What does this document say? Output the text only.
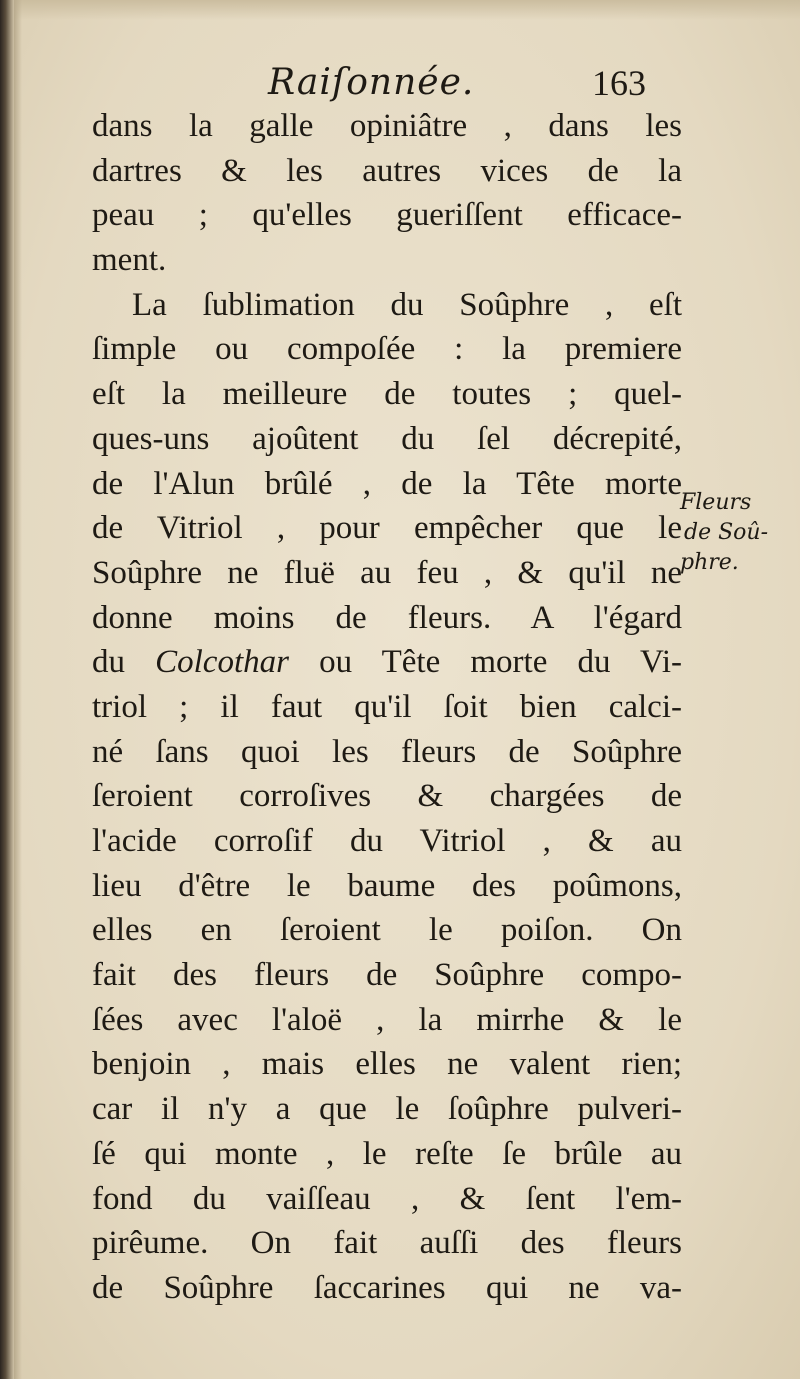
Raiſonnée.	163
dans la galle opiniâtre , dans les
dartres & les autres vices de la
peau ; qu'elles gueriſſent efficace-
ment.
La ſublimation du Soûphre , eſt
ſimple ou compoſée : la premiere
eſt la meilleure de toutes ; quel-
ques-uns ajoûtent du ſel décrepité,
de l'Alun brûlé , de la Tête morte
de Vitriol , pour empêcher que le
Soûphre ne fluë au feu , & qu'il ne
donne moins de fleurs. A l'égard
du Colcothar ou Tête morte du Vi-
triol ; il faut qu'il ſoit bien calci-
né ſans quoi les fleurs de Soûphre
ſeroient corroſives & chargées de
l'acide corroſif du Vitriol , & au
lieu d'être le baume des poûmons,
elles en ſeroient le poiſon. On
fait des fleurs de Soûphre compo-
ſées avec l'aloë , la mirrhe & le
benjoin , mais elles ne valent rien;
car il n'y a que le ſoûphre pulveri-
ſé qui monte , le reſte ſe brûle au
fond du vaiſſeau , & ſent l'em-
pirêume. On fait auſſi des fleurs
de Soûphre ſaccarines qui ne va-
Fleurs
de Soû-
phre.
